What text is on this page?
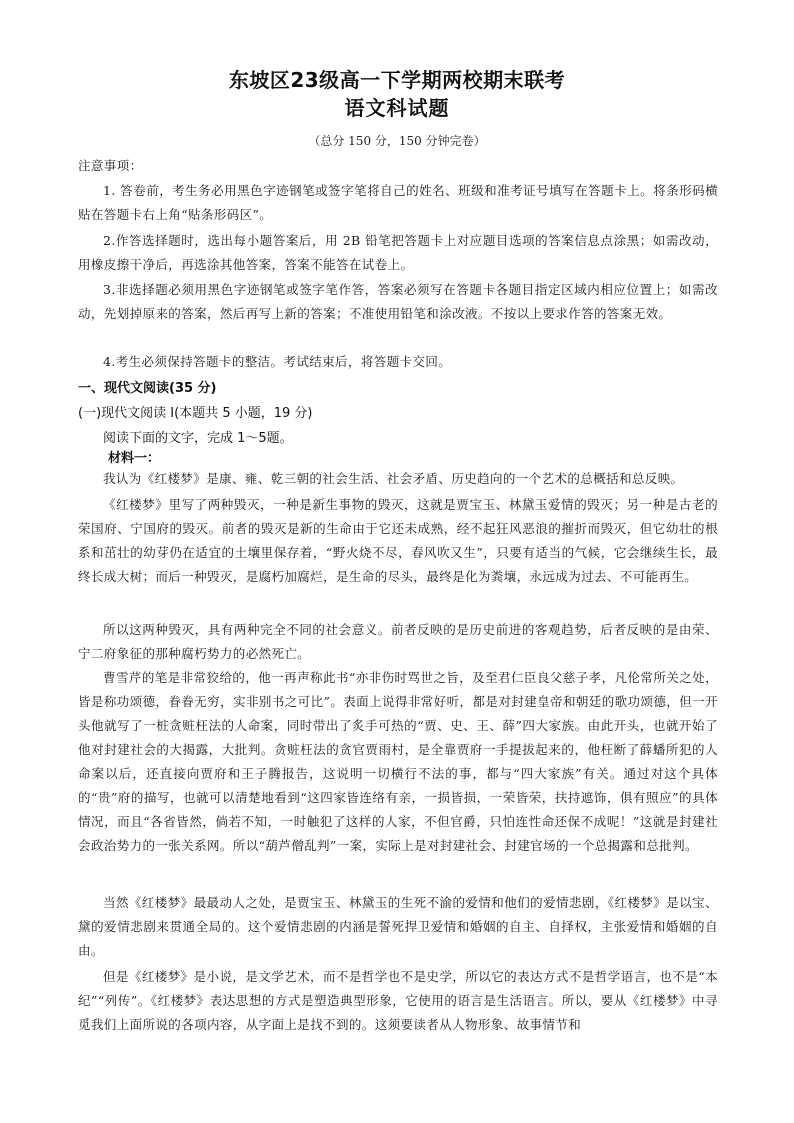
东坡区23级高一下学期两校期末联考
语文科试题
（总分 150 分，150 分钟完卷）
注意事项：
1. 答卷前，考生务必用黑色字迹钢笔或签字笔将自己的姓名、班级和准考证号填写在答题卡上。将条形码横贴在答题卡右上角“贴条形码区”。
2.作答选择题时，选出每小题答案后，用 2B 铅笔把答题卡上对应题目选项的答案信息点涂黑；如需改动，用橡皮擦干净后，再选涂其他答案，答案不能答在试卷上。
3.非选择题必须用黑色字迹钢笔或签字笔作答，答案必须写在答题卡各题目指定区域内相应位置上；如需改动，先划掉原来的答案，然后再写上新的答案；不准使用铅笔和涂改液。不按以上要求作答的答案无效。
4.考生必须保持答题卡的整洁。考试结束后，将答题卡交回。
一、现代文阅读(35 分)
(一)现代文阅读 I(本题共 5 小题，19 分)
阅读下面的文字，完成 1～5题。
材料一：
我认为《红楼梦》是康、雍、乾三朝的社会生活、社会矛盾、历史趋向的一个艺术的总概括和总反映。
《红楼梦》里写了两种毁灭，一种是新生事物的毁灭，这就是贾宝玉、林黛玉爱情的毁灭；另一种是古老的荣国府、宁国府的毁灭。前者的毁灭是新的生命由于它还未成熟，经不起狂风恶浪的摧折而毁灭，但它幼壮的根系和茁壮的幼芽仍在适宜的土壤里保存着，“野火烧不尽，春风吹又生”，只要有适当的气候，它会继续生长，最终长成大树；而后一种毁灭，是腐朽加腐烂，是生命的尽头，最终是化为粪壤，永远成为过去、不可能再生。
所以这两种毁灭，具有两种完全不同的社会意义。前者反映的是历史前进的客观趋势，后者反映的是由荣、宁二府象征的那种腐朽势力的必然死亡。
曹雪芹的笔是非常狡给的，他一再声称此书“亦非伤时骂世之旨，及至君仁臣良父慈子孝，凡伦常所关之处，皆是称功颂德，眷眷无穷，实非别书之可比”。表面上说得非常好听，都是对封建皇帝和朝廷的歌功颂德，但一开头他就写了一桩贪赃枉法的人命案，同时带出了炙手可热的“贾、史、王、薛”四大家族。由此开头，也就开始了他对封建社会的大揭露，大批判。贪赃枉法的贪官贾雨村，是全靠贾府一手提拔起来的，他枉断了薛蟠所犯的人命案以后，还直接向贾府和王子腾报告，这说明一切横行不法的事，都与“四大家族”有关。通过对这个具体的“贵”府的描写，也就可以清楚地看到“这四家皆连络有亲，一损皆损，一荣皆荣，扶持遮饰，俱有照应”的具体情况，而且“各省皆然，倘若不知，一时触犯了这样的人家，不但官爵，只怕连性命还保不成呢！”这就是封建社会政治势力的一张关系网。所以“葫芦僧乱判”一案，实际上是对封建社会、封建官场的一个总揭露和总批判。
当然《红楼梦》最最动人之处，是贾宝玉、林黛玉的生死不渝的爱情和他们的爱情悲剧，《红楼梦》是以宝、黛的爱情悲剧来贯通全局的。这个爱情悲剧的内涵是誓死捍卫爱情和婚姻的自主、自择权，主张爱情和婚姻的自由。
但是《红楼梦》是小说，是文学艺术，而不是哲学也不是史学，所以它的表达方式不是哲学语言，也不是“本纪”“列传”。《红楼梦》表达思想的方式是塑造典型形象，它使用的语言是生活语言。所以，要从《红楼梦》中寻觅我们上面所说的各项内容，从字面上是找不到的。这须要读者从人物形象、故事情节和
